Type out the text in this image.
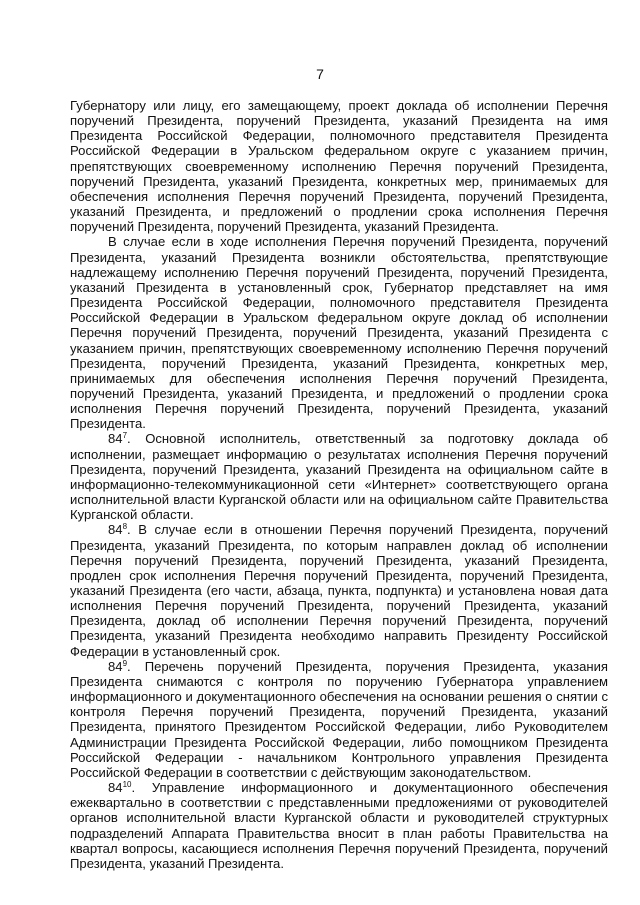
7

Губернатору или лицу, его замещающему, проект доклада об исполнении Перечня поручений Президента, поручений Президента, указаний Президента на имя Президента Российской Федерации, полномочного представителя Президента Российской Федерации в Уральском федеральном округе с указанием причин, препятствующих своевременному исполнению Перечня поручений Президента, поручений Президента, указаний Президента, конкретных мер, принимаемых для обеспечения исполнения Перечня поручений Президента, поручений Президента, указаний Президента, и предложений о продлении срока исполнения Перечня поручений Президента, поручений Президента, указаний Президента.

В случае если в ходе исполнения Перечня поручений Президента, поручений Президента, указаний Президента возникли обстоятельства, препятствующие надлежащему исполнению Перечня поручений Президента, поручений Президента, указаний Президента в установленный срок, Губернатор представляет на имя Президента Российской Федерации, полномочного представителя Президента Российской Федерации в Уральском федеральном округе доклад об исполнении Перечня поручений Президента, поручений Президента, указаний Президента с указанием причин, препятствующих своевременному исполнению Перечня поручений Президента, поручений Президента, указаний Президента, конкретных мер, принимаемых для обеспечения исполнения Перечня поручений Президента, поручений Президента, указаний Президента, и предложений о продлении срока исполнения Перечня поручений Президента, поручений Президента, указаний Президента.

$84^7$. Основной исполнитель, ответственный за подготовку доклада об исполнении, размещает информацию о результатах исполнения Перечня поручений Президента, поручений Президента, указаний Президента на официальном сайте в информационно-телекоммуникационной сети «Интернет» соответствующего органа исполнительной власти Курганской области или на официальном сайте Правительства Курганской области.

$84^8$. В случае если в отношении Перечня поручений Президента, поручений Президента, указаний Президента, по которым направлен доклад об исполнении Перечня поручений Президента, поручений Президента, указаний Президента, продлен срок исполнения Перечня поручений Президента, поручений Президента, указаний Президента (его части, абзаца, пункта, подпункта) и установлена новая дата исполнения Перечня поручений Президента, поручений Президента, указаний Президента, доклад об исполнении Перечня поручений Президента, поручений Президента, указаний Президента необходимо направить Президенту Российской Федерации в установленный срок.

$84^9$. Перечень поручений Президента, поручения Президента, указания Президента снимаются с контроля по поручению Губернатора управлением информационного и документационного обеспечения на основании решения о снятии с контроля Перечня поручений Президента, поручений Президента, указаний Президента, принятого Президентом Российской Федерации, либо Руководителем Администрации Президента Российской Федерации, либо помощником Президента Российской Федерации - начальником Контрольного управления Президента Российской Федерации в соответствии с действующим законодательством.

$84^{10}$. Управление информационного и документационного обеспечения ежеквартально в соответствии с представленными предложениями от руководителей органов исполнительной власти Курганской области и руководителей структурных подразделений Аппарата Правительства вносит в план работы Правительства на квартал вопросы, касающиеся исполнения Перечня поручений Президента, поручений Президента, указаний Президента.
